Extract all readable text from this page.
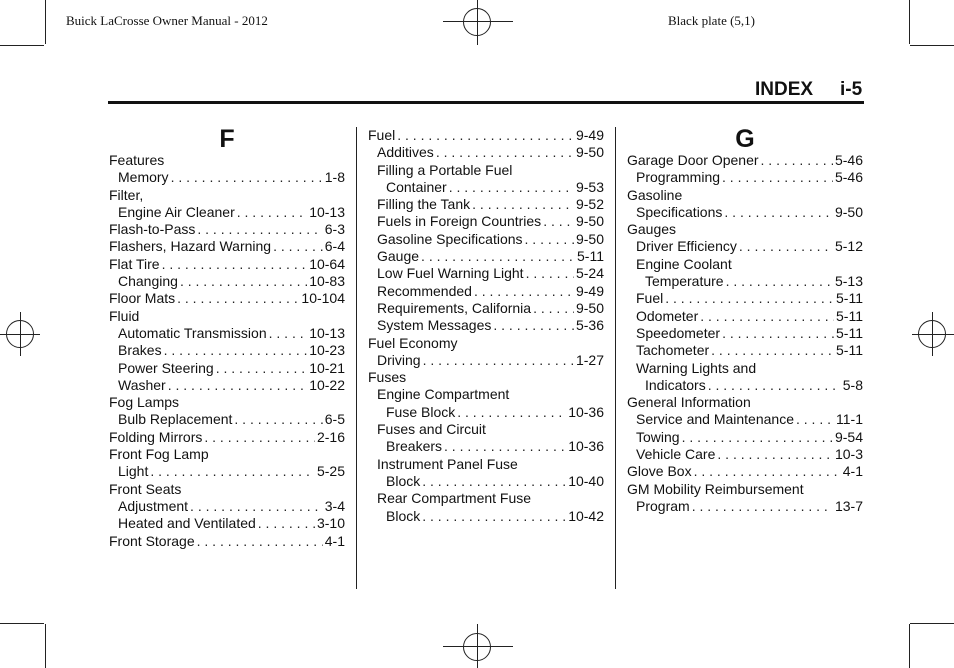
Buick LaCrosse Owner Manual - 2012	Black plate (5,1)
INDEX i-5
F
Features
Memory . . .	1-8
Filter,
Engine Air Cleaner . . .	10-13
Flash-to-Pass . . .	6-3
Flashers, Hazard Warning . . .	6-4
Flat Tire . . .	10-64
Changing . . .	10-83
Floor Mats . . .	10-104
Fluid
Automatic Transmission . . .	10-13
Brakes . . .	10-23
Power Steering . . .	10-21
Washer . . .	10-22
Fog Lamps
Bulb Replacement . . .	6-5
Folding Mirrors . . .	2-16
Front Fog Lamp
Light . . .	5-25
Front Seats
Adjustment . . .	3-4
Heated and Ventilated . . .	3-10
Front Storage . . .	4-1
Fuel . . .	9-49
Additives . . .	9-50
Filling a Portable Fuel
Container . . .	9-53
Filling the Tank . . .	9-52
Fuels in Foreign Countries . . . 9-50
Gasoline Specifications . . .	9-50
Gauge . . .	5-11
Low Fuel Warning Light . . .	5-24
Recommended . . .	9-49
Requirements, California . . .	9-50
System Messages . . .	5-36
Fuel Economy
Driving . . .	1-27
Fuses
Engine Compartment
Fuse Block . . .	10-36
Fuses and Circuit
Breakers . . .	10-36
Instrument Panel Fuse
Block . . .	10-40
Rear Compartment Fuse
Block . . .	10-42
G
Garage Door Opener . . .	5-46
Programming . . .	5-46
Gasoline
Specifications . . .	9-50
Gauges
Driver Efficiency . . .	5-12
Engine Coolant
Temperature . . .	5-13
Fuel . . .	5-11
Odometer . . .	5-11
Speedometer . . .	5-11
Tachometer . . .	5-11
Warning Lights and
Indicators . . .	5-8
General Information
Service and Maintenance . . .	11-1
Towing . . .	9-54
Vehicle Care . . .	10-3
Glove Box . . .	4-1
GM Mobility Reimbursement
Program . . .	13-7
